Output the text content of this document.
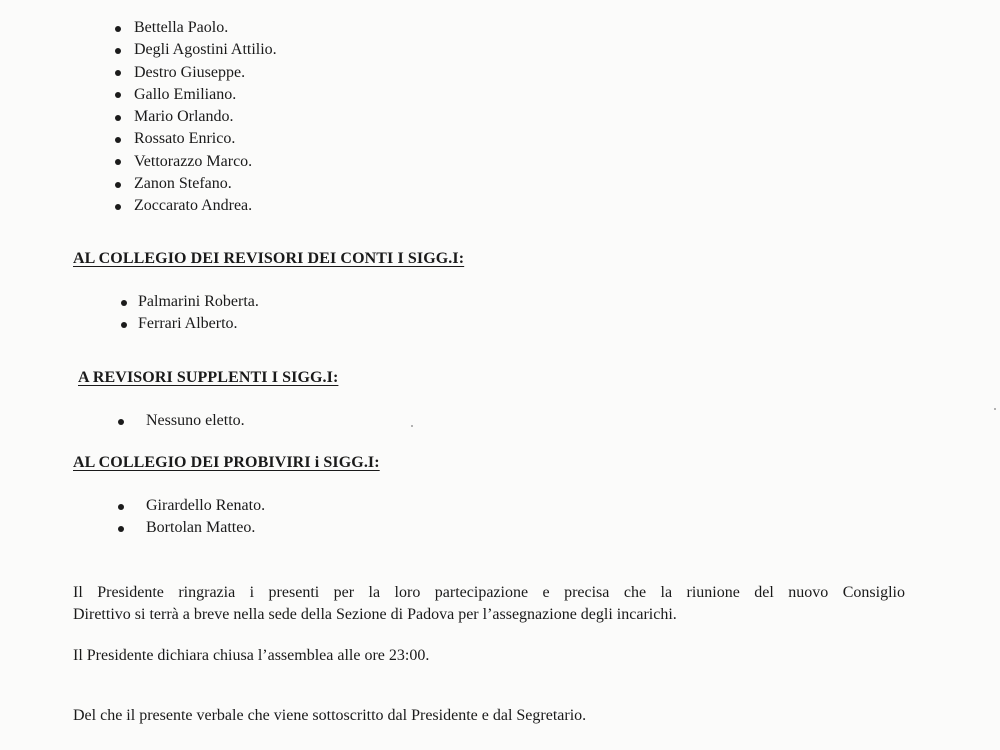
Bettella Paolo.
Degli Agostini Attilio.
Destro Giuseppe.
Gallo Emiliano.
Mario Orlando.
Rossato Enrico.
Vettorazzo Marco.
Zanon Stefano.
Zoccarato Andrea.
AL COLLEGIO DEI REVISORI DEI CONTI I SIGG.I:
Palmarini Roberta.
Ferrari Alberto.
A REVISORI SUPPLENTI I SIGG.I:
Nessuno eletto.
AL COLLEGIO DEI PROBIVIRI i SIGG.I:
Girardello Renato.
Bortolan Matteo.

Il Presidente ringrazia i presenti per la loro partecipazione e precisa che la riunione del nuovo Consiglio
Direttivo si terrà a breve nella sede della Sezione di Padova per l’assegnazione degli incarichi.

Il Presidente dichiara chiusa l’assemblea alle ore 23:00.

Del che il presente verbale che viene sottoscritto dal Presidente e dal Segretario.
